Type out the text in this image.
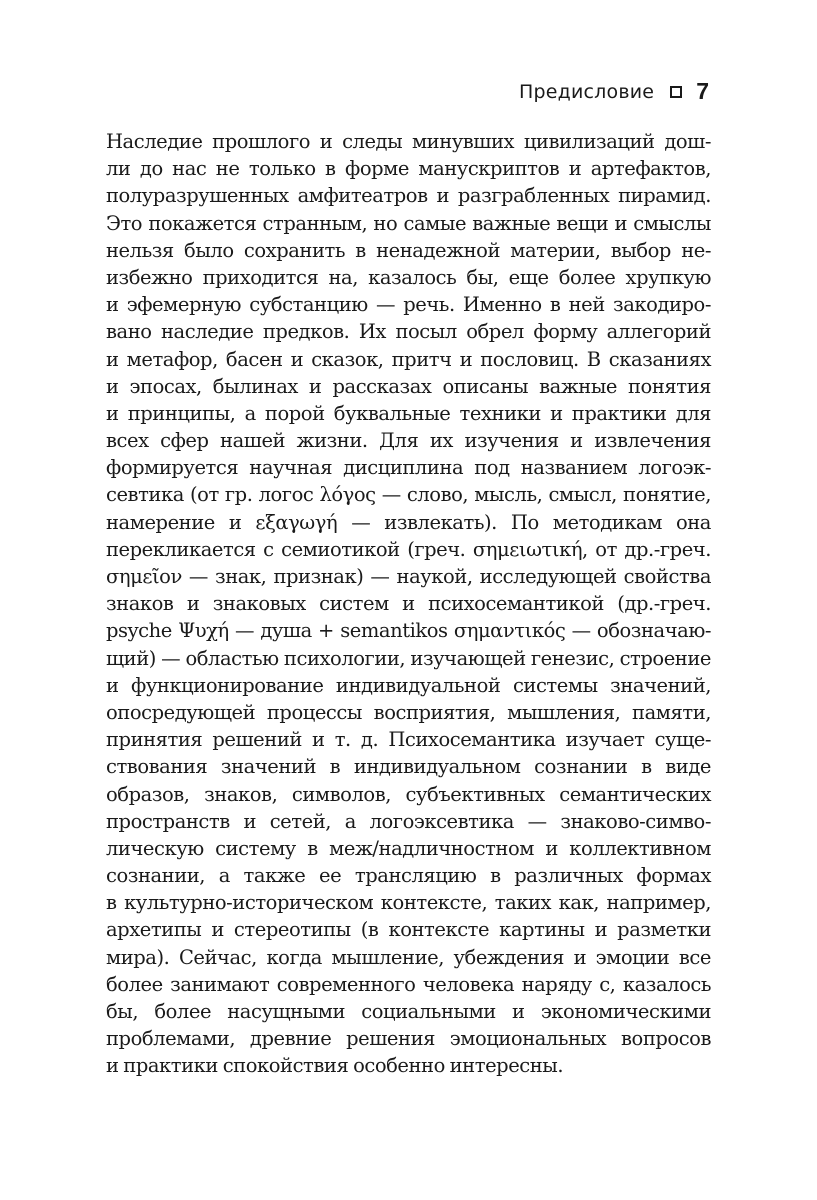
Предисловие 7
Наследие прошлого и следы минувших цивилизаций дош-
ли до нас не только в форме манускриптов и артефактов,
полуразрушенных амфитеатров и разграбленных пирамид.
Это покажется странным, но самые важные вещи и смыслы
нельзя было сохранить в ненадежной материи, выбор не-
избежно приходится на, казалось бы, еще более хрупкую
и эфемерную субстанцию — речь. Именно в ней закодиро-
вано наследие предков. Их посыл обрел форму аллегорий
и метафор, басен и сказок, притч и пословиц. В сказаниях
и эпосах, былинах и рассказах описаны важные понятия
и принципы, а порой буквальные техники и практики для
всех сфер нашей жизни. Для их изучения и извлечения
формируется научная дисциплина под названием логоэк-
севтика (от гр. логос λόγος — слово, мысль, смысл, понятие,
намерение и εξαγωγή — извлекать). По методикам она
перекликается с семиотикой (греч. σημειωτική, от др.-греч.
σημεῖον — знак, признак) — наукой, исследующей свойства
знаков и знаковых систем и психосемантикой (др.-греч.
psyche Ψυχή — душа + semantikos σημαντικός — обозначаю-
щий) — областью психологии, изучающей генезис, строение
и функционирование индивидуальной системы значений,
опосредующей процессы восприятия, мышления, памяти,
принятия решений и т. д. Психосемантика изучает суще-
ствования значений в индивидуальном сознании в виде
образов, знаков, символов, субъективных семантических
пространств и сетей, а логоэксевтика — знаково-симво-
лическую систему в меж/надличностном и коллективном
сознании, а также ее трансляцию в различных формах
в культурно-историческом контексте, таких как, например,
архетипы и стереотипы (в контексте картины и разметки
мира). Сейчас, когда мышление, убеждения и эмоции все
более занимают современного человека наряду с, казалось
бы, более насущными социальными и экономическими
проблемами, древние решения эмоциональных вопросов
и практики спокойствия особенно интересны.
